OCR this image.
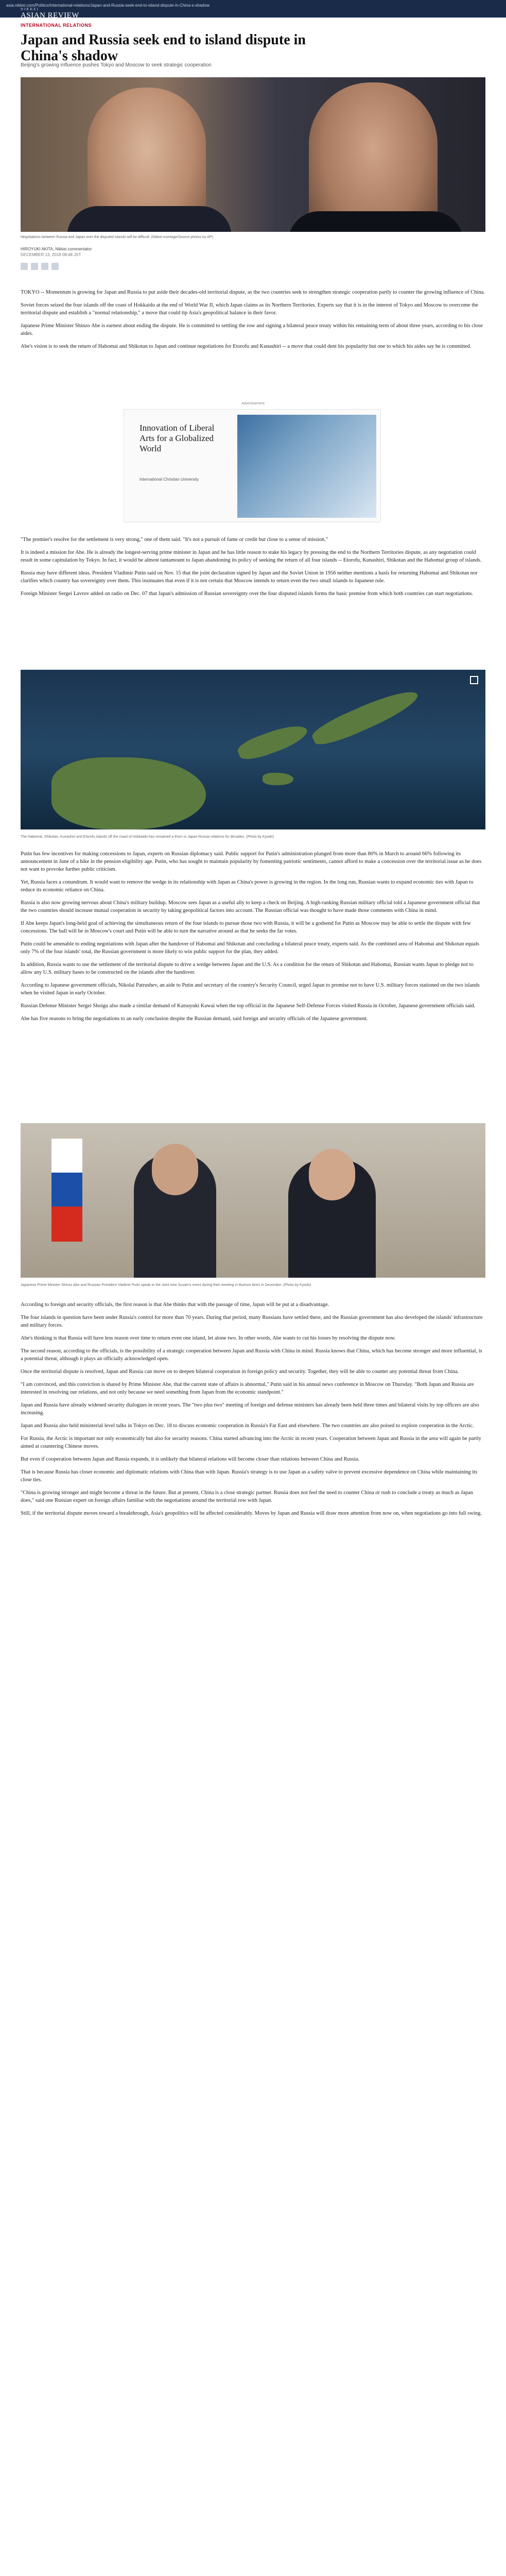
asia.nikkei.com/Politics/International-relations/Japan-and-Russia-seek-end-to-island-dispute-in-China-s-shadow
NIKKEI
ASIAN REVIEW
INTERNATIONAL RELATIONS
Japan and Russia seek end to island dispute in China's shadow
Beijing's growing influence pushes Tokyo and Moscow to seek strategic cooperation
Negotiations between Russia and Japan over the disputed islands will be difficult. (Nikkei montage/Source photos by AP)
HIROYUKI AKITA, Nikkei commentator
DECEMBER 13, 2018 08:48 JST

TOKYO -- Momentum is growing for Japan and Russia to put aside their decades-old territorial dispute, as the two countries seek to strengthen strategic cooperation partly to counter the growing influence of China.

Soviet forces seized the four islands off the coast of Hokkaido at the end of World War II, which Japan claims as its Northern Territories. Experts say that it is in the interest of Tokyo and Moscow to overcome the territorial dispute and establish a "normal relationship," a move that could tip Asia's geopolitical balance in their favor.

Japanese Prime Minister Shinzo Abe is earnest about ending the dispute. He is committed to settling the row and signing a bilateral peace treaty within his remaining term of about three years, according to his close aides.

Abe's vision is to seek the return of Habomai and Shikotan to Japan and continue negotiations for Etorofu and Kunashiri -- a move that could dent his popularity but one to which his aides say he is committed.

Advertisement
Innovation of Liberal Arts for a Globalized World
International Christian University

"The premier's resolve for the settlement is very strong," one of them said. "It's not a pursuit of fame or credit but close to a sense of mission."

It is indeed a mission for Abe. He is already the longest-serving prime minister in Japan and he has little reason to stake his legacy by pressing the end to the Northern Territories dispute, as any negotiation could result in some capitulation by Tokyo. In fact, it would be almost tantamount to Japan abandoning its policy of seeking the return of all four islands -- Etorofu, Kunashiri, Shikotan and the Habomai group of islands.

Russia may have different ideas. President Vladimir Putin said on Nov. 15 that the joint declaration signed by Japan and the Soviet Union in 1956 neither mentions a basis for returning Habomai and Shikotan nor clarifies which country has sovereignty over them. This insinuates that even if it is not certain that Moscow intends to return even the two small islands to Japanese rule.

Foreign Minister Sergei Lavrov added on radio on Dec. 07 that Japan's admission of Russian sovereignty over the four disputed islands forms the basic premise from which both countries can start negotiations.

The Habomai, Shikotan, Kunashiri and Etorofu islands off the coast of Hokkaido has remained a thorn in Japan-Russia relations for decades. (Photo by Kyodo)

Putin has few incentives for making concessions to Japan, experts on Russian diplomacy said. Public support for Putin's administration plunged from more than 80% in March to around 66% following its announcement in June of a hike in the pension eligibility age. Putin, who has sought to maintain popularity by fomenting patriotic sentiments, cannot afford to make a concession over the territorial issue as he does not want to provoke further public criticism.

Yet, Russia faces a conundrum. It would want to remove the wedge in its relationship with Japan as China's power is growing in the region. In the long run, Russian wants to expand economic ties with Japan to reduce its economic reliance on China.

Russia is also now growing nervous about China's military buildup. Moscow sees Japan as a useful ally to keep a check on Beijing. A high-ranking Russian military official told a Japanese government official that the two countries should increase mutual cooperation in security by taking geopolitical factors into account. The Russian official was thought to have made those comments with China in mind.

If Abe keeps Japan's long-held goal of achieving the simultaneous return of the four islands to pursue those two with Russia, it will be a godsend for Putin as Moscow may be able to settle the dispute with few concessions. The ball will be in Moscow's court and Putin will be able to turn the narrative around as that he seeks the far votes.

Putin could be amenable to ending negotiations with Japan after the handover of Habomai and Shikotan and concluding a bilateral peace treaty, experts said. As the combined area of Habomai and Shikotan equals only 7% of the four islands' total, the Russian government is more likely to win public support for the plan, they added.

In addition, Russia wants to use the settlement of the territorial dispute to drive a wedge between Japan and the U.S. As a condition for the return of Shikotan and Habomai, Russian wants Japan to pledge not to allow any U.S. military bases to be constructed on the islands after the handover.

According to Japanese government officials, Nikolai Patrushev, an aide to Putin and secretary of the country's Security Council, urged Japan to promise not to have U.S. military forces stationed on the two islands when he visited Japan in early October.

Russian Defense Minister Sergei Shoigu also made a similar demand of Katsuyuki Kawai when the top official in the Japanese Self-Defense Forces visited Russia in October, Japanese government officials said.

Abe has five reasons to bring the negotiations to an early conclusion despite the Russian demand, said foreign and security officials of the Japanese government.

Japanese Prime Minister Shinzo Abe and Russian President Vladimir Putin speak to the Joint new Susain's event during their meeting in Buenos Aires in December. (Photo by Kyodo)

According to foreign and security officials, the first reason is that Abe thinks that with the passage of time, Japan will be put at a disadvantage.

The four islands in question have been under Russia's control for more than 70 years. During that period, many Russians have settled there, and the Russian government has also developed the islands' infrastructure and military forces.

Abe's thinking is that Russia will have less reason over time to return even one island, let alone two. In other words, Abe wants to cut his losses by resolving the dispute now.

The second reason, according to the officials, is the possibility of a strategic cooperation between Japan and Russia with China in mind. Russia knows that China, which has become stronger and more influential, is a potential threat, although it plays an officially acknowledged open.

Once the territorial dispute is resolved, Japan and Russia can move on to deepen bilateral cooperation in foreign policy and security. Together, they will be able to counter any potential threat from China.

"I am convinced, and this conviction is shared by Prime Minister Abe, that the current state of affairs is abnormal," Putin said in his annual news conference in Moscow on Thursday. "Both Japan and Russia are interested in resolving our relations, and not only because we need something from Japan from the economic standpoint."

Japan and Russia have already widened security dialogues in recent years. The "two plus two" meeting of foreign and defense ministers has already been held three times and bilateral visits by top officers are also increasing.

Japan and Russia also held ministerial level talks in Tokyo on Dec. 18 to discuss economic cooperation in Russia's Far East and elsewhere. The two countries are also poised to explore cooperation in the Arctic.

For Russia, the Arctic is important not only economically but also for security reasons. China started advancing into the Arctic in recent years. Cooperation between Japan and Russia in the area will again be partly aimed at countering Chinese moves.

But even if cooperation between Japan and Russia expands, it is unlikely that bilateral relations will become closer than relations between China and Russia.

That is because Russia has closer economic and diplomatic relations with China than with Japan. Russia's strategy is to use Japan as a safety valve to prevent excessive dependence on China while maintaining its close ties.

"China is growing stronger and might become a threat in the future. But at present, China is a close strategic partner. Russia does not feel the need to counter China or rush to conclude a treaty as much as Japan does," said one Russian expert on foreign affairs familiar with the negotiations around the territorial row with Japan.

Still, if the territorial dispute moves toward a breakthrough, Asia's geopolitics will be affected considerably. Moves by Japan and Russia will draw more attention from now on, when negotiations go into full swing.
